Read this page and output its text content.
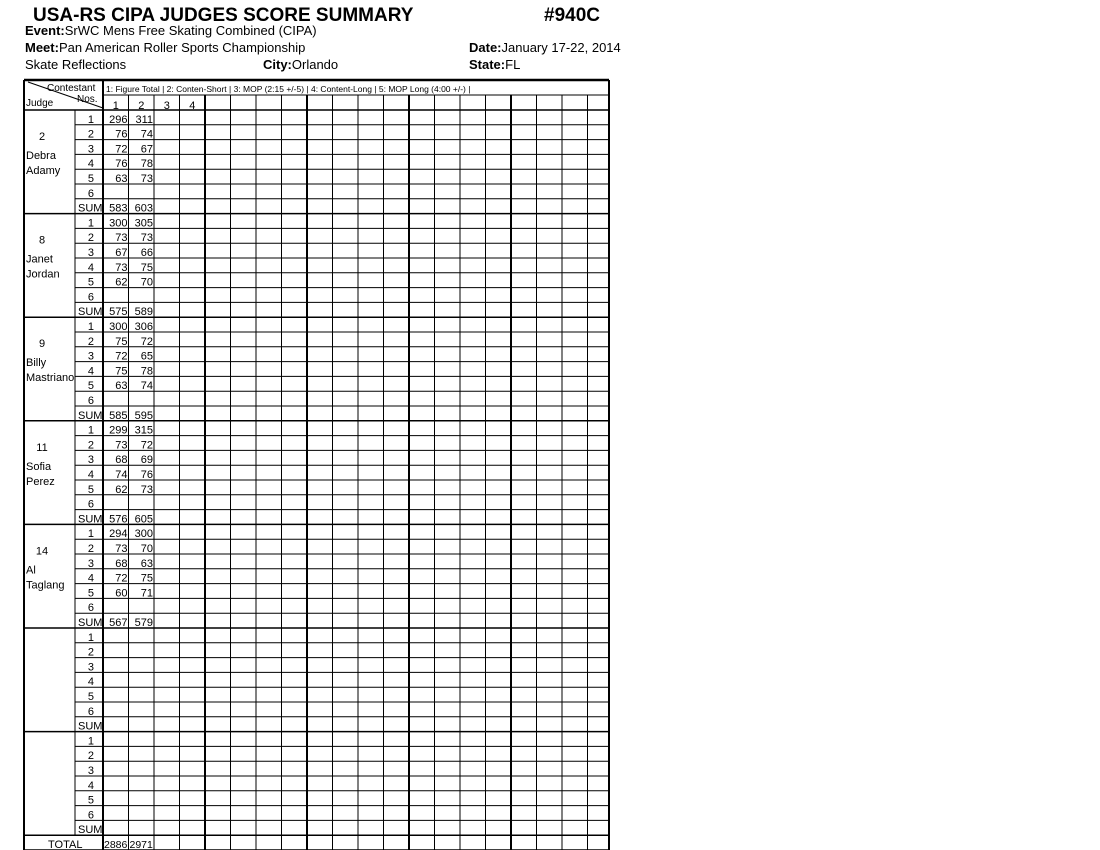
USA-RS CIPA JUDGES SCORE SUMMARY	#940C
Event:SrWC Mens Free Skating Combined (CIPA)
Meet:Pan American Roller Sports Championship	Date:January 17-22, 2014
Skate Reflections	City:Orlando	State:FL
Contestant
Nos.
Judge
1: Figure Total | 2: Conten-Short | 3: MOP (2:15 +/-5) | 4: Content-Long | 5: MOP Long (4:00 +/-) |
1 2 3 4
2
Debra
Adamy
1 296 311
2 76 74
3 72 67
4 76 78
5 63 73
6
SUM 583 603
8
Janet
Jordan
1 300 305
2 73 73
3 67 66
4 73 75
5 62 70
6
SUM 575 589
9
Billy
Mastriano
1 300 306
2 75 72
3 72 65
4 75 78
5 63 74
6
SUM 585 595
11
Sofia
Perez
1 299 315
2 73 72
3 68 69
4 74 76
5 62 73
6
SUM 576 605
14
Al
Taglang
1 294 300
2 73 70
3 68 63
4 72 75
5 60 71
6
SUM 567 579
1
2
3
4
5
6
SUM
1
2
3
4
5
6
SUM
TOTAL 2886 2971
